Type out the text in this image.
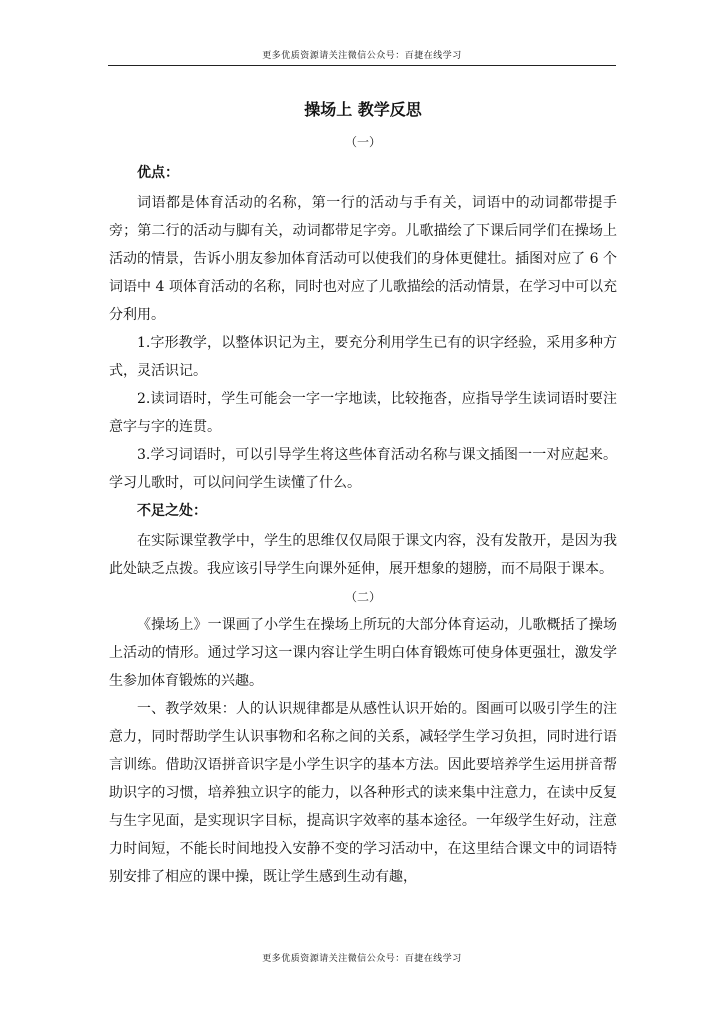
更多优质资源请关注微信公众号：百捷在线学习
操场上 教学反思
（一）
优点：

词语都是体育活动的名称，第一行的活动与手有关，词语中的动词都带提手旁；第二行的活动与脚有关，动词都带足字旁。儿歌描绘了下课后同学们在操场上活动的情景，告诉小朋友参加体育活动可以使我们的身体更健壮。插图对应了 6 个词语中 4 项体育活动的名称，同时也对应了儿歌描绘的活动情景，在学习中可以充分利用。

1.字形教学，以整体识记为主，要充分利用学生已有的识字经验，采用多种方式，灵活识记。

2.读词语时，学生可能会一字一字地读，比较拖沓，应指导学生读词语时要注意字与字的连贯。

3.学习词语时，可以引导学生将这些体育活动名称与课文插图一一对应起来。学习儿歌时，可以问问学生读懂了什么。

不足之处：

在实际课堂教学中，学生的思维仅仅局限于课文内容，没有发散开，是因为我此处缺乏点拨。我应该引导学生向课外延伸，展开想象的翅膀，而不局限于课本。

（二）

《操场上》一课画了小学生在操场上所玩的大部分体育运动，儿歌概括了操场上活动的情形。通过学习这一课内容让学生明白体育锻炼可使身体更强壮，激发学生参加体育锻炼的兴趣。

一、教学效果：人的认识规律都是从感性认识开始的。图画可以吸引学生的注意力，同时帮助学生认识事物和名称之间的关系，减轻学生学习负担，同时进行语言训练。借助汉语拼音识字是小学生识字的基本方法。因此要培养学生运用拼音帮助识字的习惯，培养独立识字的能力，以各种形式的读来集中注意力，在读中反复与生字见面，是实现识字目标，提高识字效率的基本途径。一年级学生好动，注意力时间短，不能长时间地投入安静不变的学习活动中，在这里结合课文中的词语特别安排了相应的课中操，既让学生感到生动有趣，

更多优质资源请关注微信公众号：百捷在线学习
